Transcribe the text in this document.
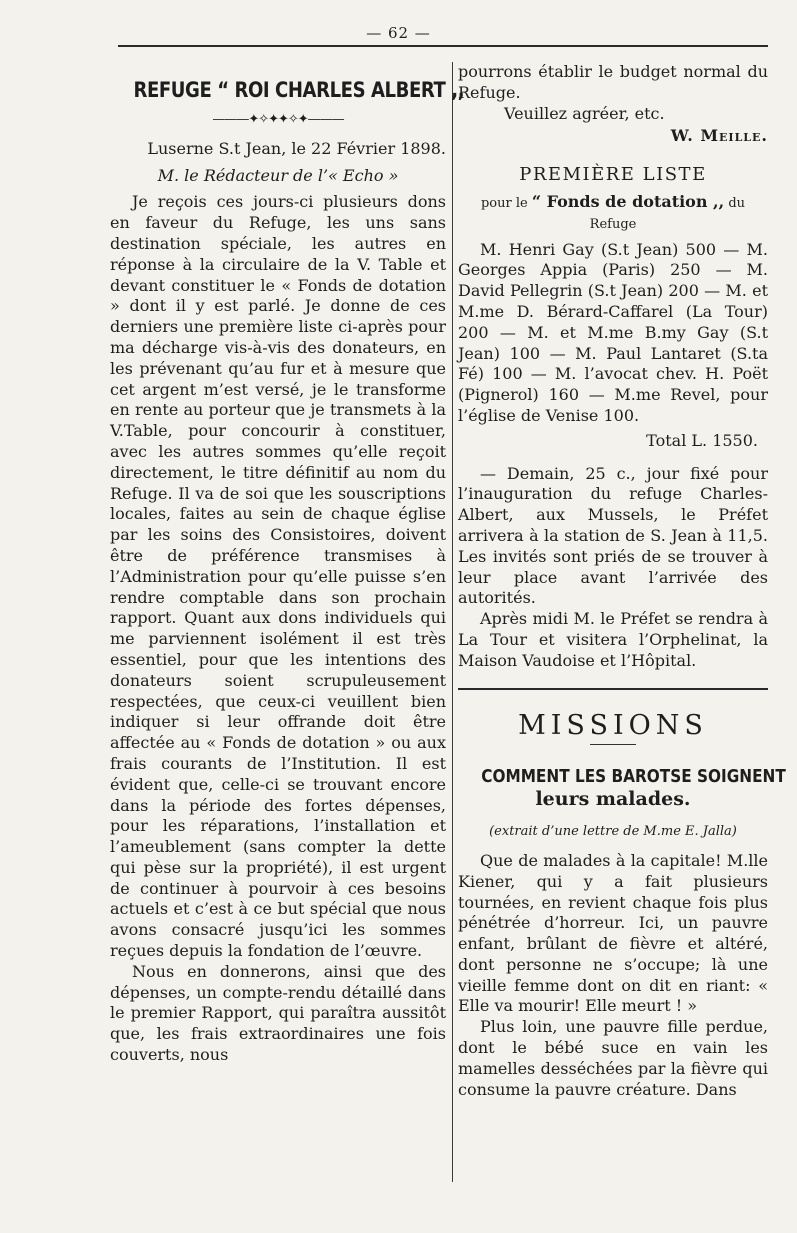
— 62 —
REFUGE “ ROI CHARLES ALBERT ,,
———✦✧✦✦✧✦———

Luserne S.t Jean, le 22 Février 1898.

M. le Rédacteur de l’« Echo »

Je reçois ces jours-ci plusieurs dons en faveur du Refuge, les uns sans destination spéciale, les autres en réponse à la circulaire de la V. Table et devant constituer le « Fonds de dotation » dont il y est parlé. Je donne de ces derniers une première liste ci-après pour ma décharge vis-à-vis des donateurs, en les prévenant qu’au fur et à mesure que cet argent m’est versé, je le transforme en rente au porteur que je transmets à la V.Table, pour concourir à constituer, avec les autres sommes qu’elle reçoit directement, le titre définitif au nom du Refuge. Il va de soi que les souscriptions locales, faites au sein de chaque église par les soins des Consistoires, doivent être de préférence transmises à l’Administration pour qu’elle puisse s’en rendre comptable dans son prochain rapport. Quant aux dons individuels qui me parviennent isolément il est très essentiel, pour que les intentions des donateurs soient scrupuleusement respectées, que ceux-ci veuillent bien indiquer si leur offrande doit être affectée au « Fonds de dotation » ou aux frais courants de l’Institution. Il est évident que, celle-ci se trouvant encore dans la période des fortes dépenses, pour les réparations, l’installation et l’ameublement (sans compter la dette qui pèse sur la propriété), il est urgent de continuer à pourvoir à ces besoins actuels et c’est à ce but spécial que nous avons consacré jusqu’ici les sommes reçues depuis la fondation de l’œuvre.

Nous en donnerons, ainsi que des dépenses, un compte-rendu détaillé dans le premier Rapport, qui paraîtra aussitôt que, les frais extraordinaires une fois couverts, nous

pourrons établir le budget normal du Refuge.

Veuillez agréer, etc.

W. Meille.

PREMIÈRE LISTE
pour le “ Fonds de dotation ,, du Refuge

M. Henri Gay (S.t Jean) 500 — M. Georges Appia (Paris) 250 — M. David Pellegrin (S.t Jean) 200 — M. et M.me D. Bérard-Caffarel (La Tour) 200 — M. et M.me B.my Gay (S.t Jean) 100 — M. Paul Lantaret (S.ta Fé) 100 — M. l’avocat chev. H. Poët (Pignerol) 160 — M.me Revel, pour l’église de Venise 100.

Total L. 1550.

— Demain, 25 c., jour fixé pour l’inauguration du refuge Charles-Albert, aux Mussels, le Préfet arrivera à la station de S. Jean à 11,5. Les invités sont priés de se trouver à leur place avant l’arrivée des autorités.

Après midi M. le Préfet se rendra à La Tour et visitera l’Orphelinat, la Maison Vaudoise et l’Hôpital.

MISSIONS
COMMENT LES BAROTSE SOIGNENT
leurs malades.
(extrait d’une lettre de M.me E. Jalla)

Que de malades à la capitale! M.lle Kiener, qui y a fait plusieurs tournées, en revient chaque fois plus pénétrée d’horreur. Ici, un pauvre enfant, brûlant de fièvre et altéré, dont personne ne s’occupe; là une vieille femme dont on dit en riant: « Elle va mourir! Elle meurt ! »

Plus loin, une pauvre fille perdue, dont le bébé suce en vain les mamelles desséchées par la fièvre qui consume la pauvre créature. Dans
